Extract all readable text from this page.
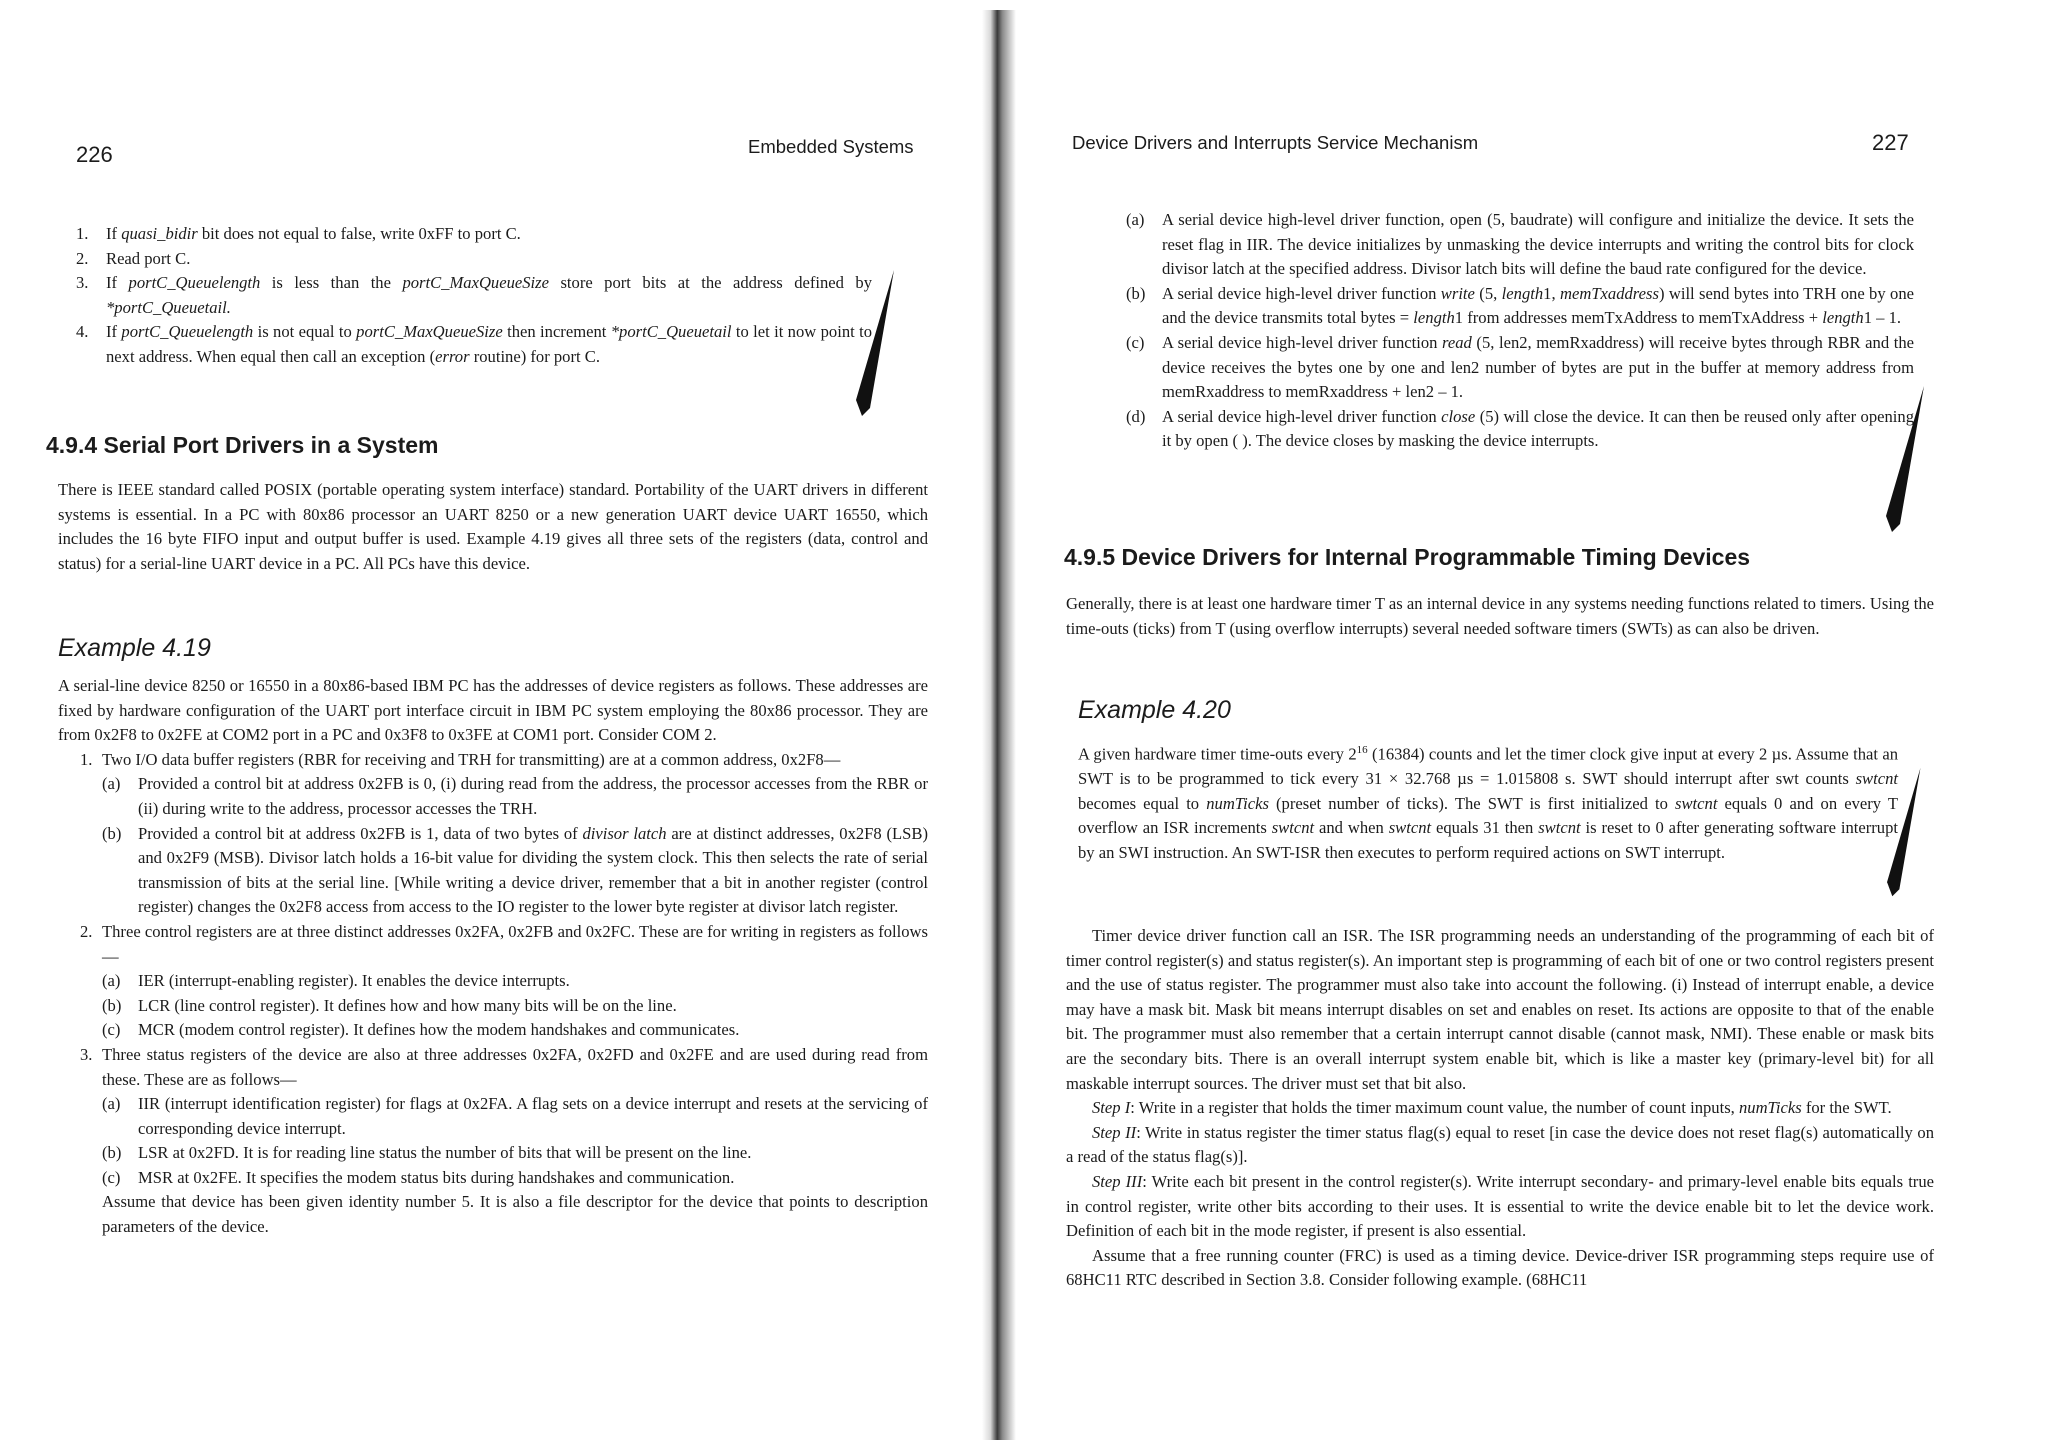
226	Embedded Systems
1. If quasi_bidir bit does not equal to false, write 0xFF to port C.

2. Read port C.

3. If portC_Queuelength is less than the portC_MaxQueueSize store port bits at the address defined by *portC_Queuetail.

4. If portC_Queuelength is not equal to portC_MaxQueueSize then increment *portC_Queuetail to let it now point to next address. When equal then call an exception (error routine) for port C.

4.9.4 Serial Port Drivers in a System

There is IEEE standard called POSIX (portable operating system interface) standard. Portability of the UART drivers in different systems is essential. In a PC with 80x86 processor an UART 8250 or a new generation UART device UART 16550, which includes the 16 byte FIFO input and output buffer is used. Example 4.19 gives all three sets of the registers (data, control and status) for a serial-line UART device in a PC. All PCs have this device.

Example 4.19

A serial-line device 8250 or 16550 in a 80x86-based IBM PC has the addresses of device registers as follows. These addresses are fixed by hardware configuration of the UART port interface circuit in IBM PC system employing the 80x86 processor. They are from 0x2F8 to 0x2FE at COM2 port in a PC and 0x3F8 to 0x3FE at COM1 port. Consider COM 2.

1. Two I/O data buffer registers (RBR for receiving and TRH for transmitting) are at a common address, 0x2F8—

(a) Provided a control bit at address 0x2FB is 0, (i) during read from the address, the processor accesses from the RBR or (ii) during write to the address, processor accesses the TRH.

(b) Provided a control bit at address 0x2FB is 1, data of two bytes of divisor latch are at distinct addresses, 0x2F8 (LSB) and 0x2F9 (MSB). Divisor latch holds a 16-bit value for dividing the system clock. This then selects the rate of serial transmission of bits at the serial line. [While writing a device driver, remember that a bit in another register (control register) changes the 0x2F8 access from access to the IO register to the lower byte register at divisor latch register.

2. Three control registers are at three distinct addresses 0x2FA, 0x2FB and 0x2FC. These are for writing in registers as follows—

(a) IER (interrupt-enabling register). It enables the device interrupts.

(b) LCR (line control register). It defines how and how many bits will be on the line.

(c) MCR (modem control register). It defines how the modem handshakes and communicates.

3. Three status registers of the device are also at three addresses 0x2FA, 0x2FD and 0x2FE and are used during read from these. These are as follows—

(a) IIR (interrupt identification register) for flags at 0x2FA. A flag sets on a device interrupt and resets at the servicing of corresponding device interrupt.

(b) LSR at 0x2FD. It is for reading line status the number of bits that will be present on the line.

(c) MSR at 0x2FE. It specifies the modem status bits during handshakes and communication.

Assume that device has been given identity number 5. It is also a file descriptor for the device that points to description parameters of the device.

Device Drivers and Interrupts Service Mechanism	227
(a) A serial device high-level driver function, open (5, baudrate) will configure and initialize the device. It sets the reset flag in IIR. The device initializes by unmasking the device interrupts and writing the control bits for clock divisor latch at the specified address. Divisor latch bits will define the baud rate configured for the device.

(b) A serial device high-level driver function write (5, length1, memTxaddress) will send bytes into TRH one by one and the device transmits total bytes = length1 from addresses memTxAddress to memTxAddress + length1 – 1.

(c) A serial device high-level driver function read (5, len2, memRxaddress) will receive bytes through RBR and the device receives the bytes one by one and len2 number of bytes are put in the buffer at memory address from memRxaddress to memRxaddress + len2 – 1.

(d) A serial device high-level driver function close (5) will close the device. It can then be reused only after opening it by open ( ). The device closes by masking the device interrupts.

4.9.5 Device Drivers for Internal Programmable Timing Devices

Generally, there is at least one hardware timer T as an internal device in any systems needing functions related to timers. Using the time-outs (ticks) from T (using overflow interrupts) several needed software timers (SWTs) as can also be driven.

Example 4.20

A given hardware timer time-outs every $2^{16}$ (16384) counts and let the timer clock give input at every 2 µs. Assume that an SWT is to be programmed to tick every 31 × 32.768 µs = 1.015808 s. SWT should interrupt after swt counts swtcnt becomes equal to numTicks (preset number of ticks). The SWT is first initialized to swtcnt equals 0 and on every T overflow an ISR increments swtcnt and when swtcnt equals 31 then swtcnt is reset to 0 after generating software interrupt by an SWI instruction. An SWT-ISR then executes to perform required actions on SWT interrupt.

Timer device driver function call an ISR. The ISR programming needs an understanding of the programming of each bit of timer control register(s) and status register(s). An important step is programming of each bit of one or two control registers present and the use of status register. The programmer must also take into account the following. (i) Instead of interrupt enable, a device may have a mask bit. Mask bit means interrupt disables on set and enables on reset. Its actions are opposite to that of the enable bit. The programmer must also remember that a certain interrupt cannot disable (cannot mask, NMI). These enable or mask bits are the secondary bits. There is an overall interrupt system enable bit, which is like a master key (primary-level bit) for all maskable interrupt sources. The driver must set that bit also.

Step I: Write in a register that holds the timer maximum count value, the number of count inputs, numTicks for the SWT.

Step II: Write in status register the timer status flag(s) equal to reset [in case the device does not reset flag(s) automatically on a read of the status flag(s)].

Step III: Write each bit present in the control register(s). Write interrupt secondary- and primary-level enable bits equals true in control register, write other bits according to their uses. It is essential to write the device enable bit to let the device work. Definition of each bit in the mode register, if present is also essential.

Assume that a free running counter (FRC) is used as a timing device. Device-driver ISR programming steps require use of 68HC11 RTC described in Section 3.8. Consider following example. (68HC11
